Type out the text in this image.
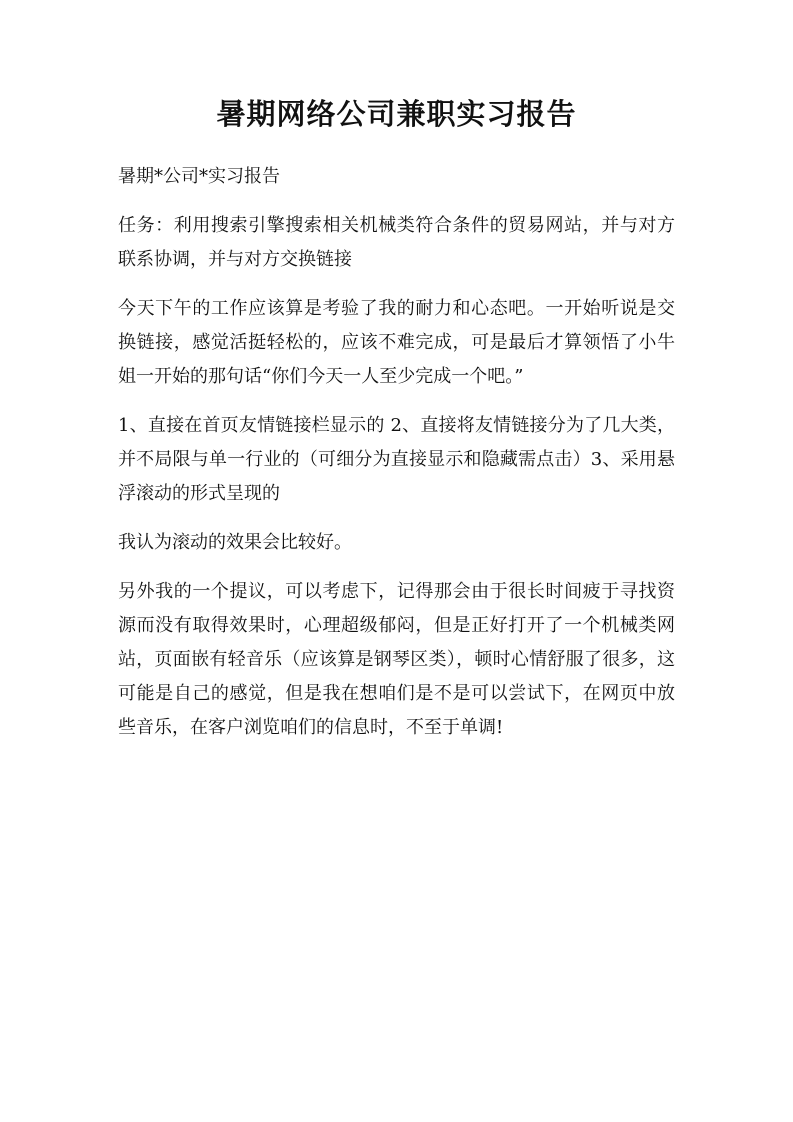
暑期网络公司兼职实习报告

暑期*公司*实习报告

任务：利用搜索引擎搜索相关机械类符合条件的贸易网站，并与对方联系协调，并与对方交换链接

今天下午的工作应该算是考验了我的耐力和心态吧。一开始听说是交换链接，感觉活挺轻松的，应该不难完成，可是最后才算领悟了小牛姐一开始的那句话“你们今天一人至少完成一个吧。”

1、直接在首页友情链接栏显示的 2、直接将友情链接分为了几大类，并不局限与单一行业的（可细分为直接显示和隐藏需点击）3、采用悬浮滚动的形式呈现的

我认为滚动的效果会比较好。

另外我的一个提议，可以考虑下，记得那会由于很长时间疲于寻找资源而没有取得效果时，心理超级郁闷，但是正好打开了一个机械类网站，页面嵌有轻音乐（应该算是钢琴区类），顿时心情舒服了很多，这可能是自己的感觉，但是我在想咱们是不是可以尝试下，在网页中放些音乐，在客户浏览咱们的信息时，不至于单调!
